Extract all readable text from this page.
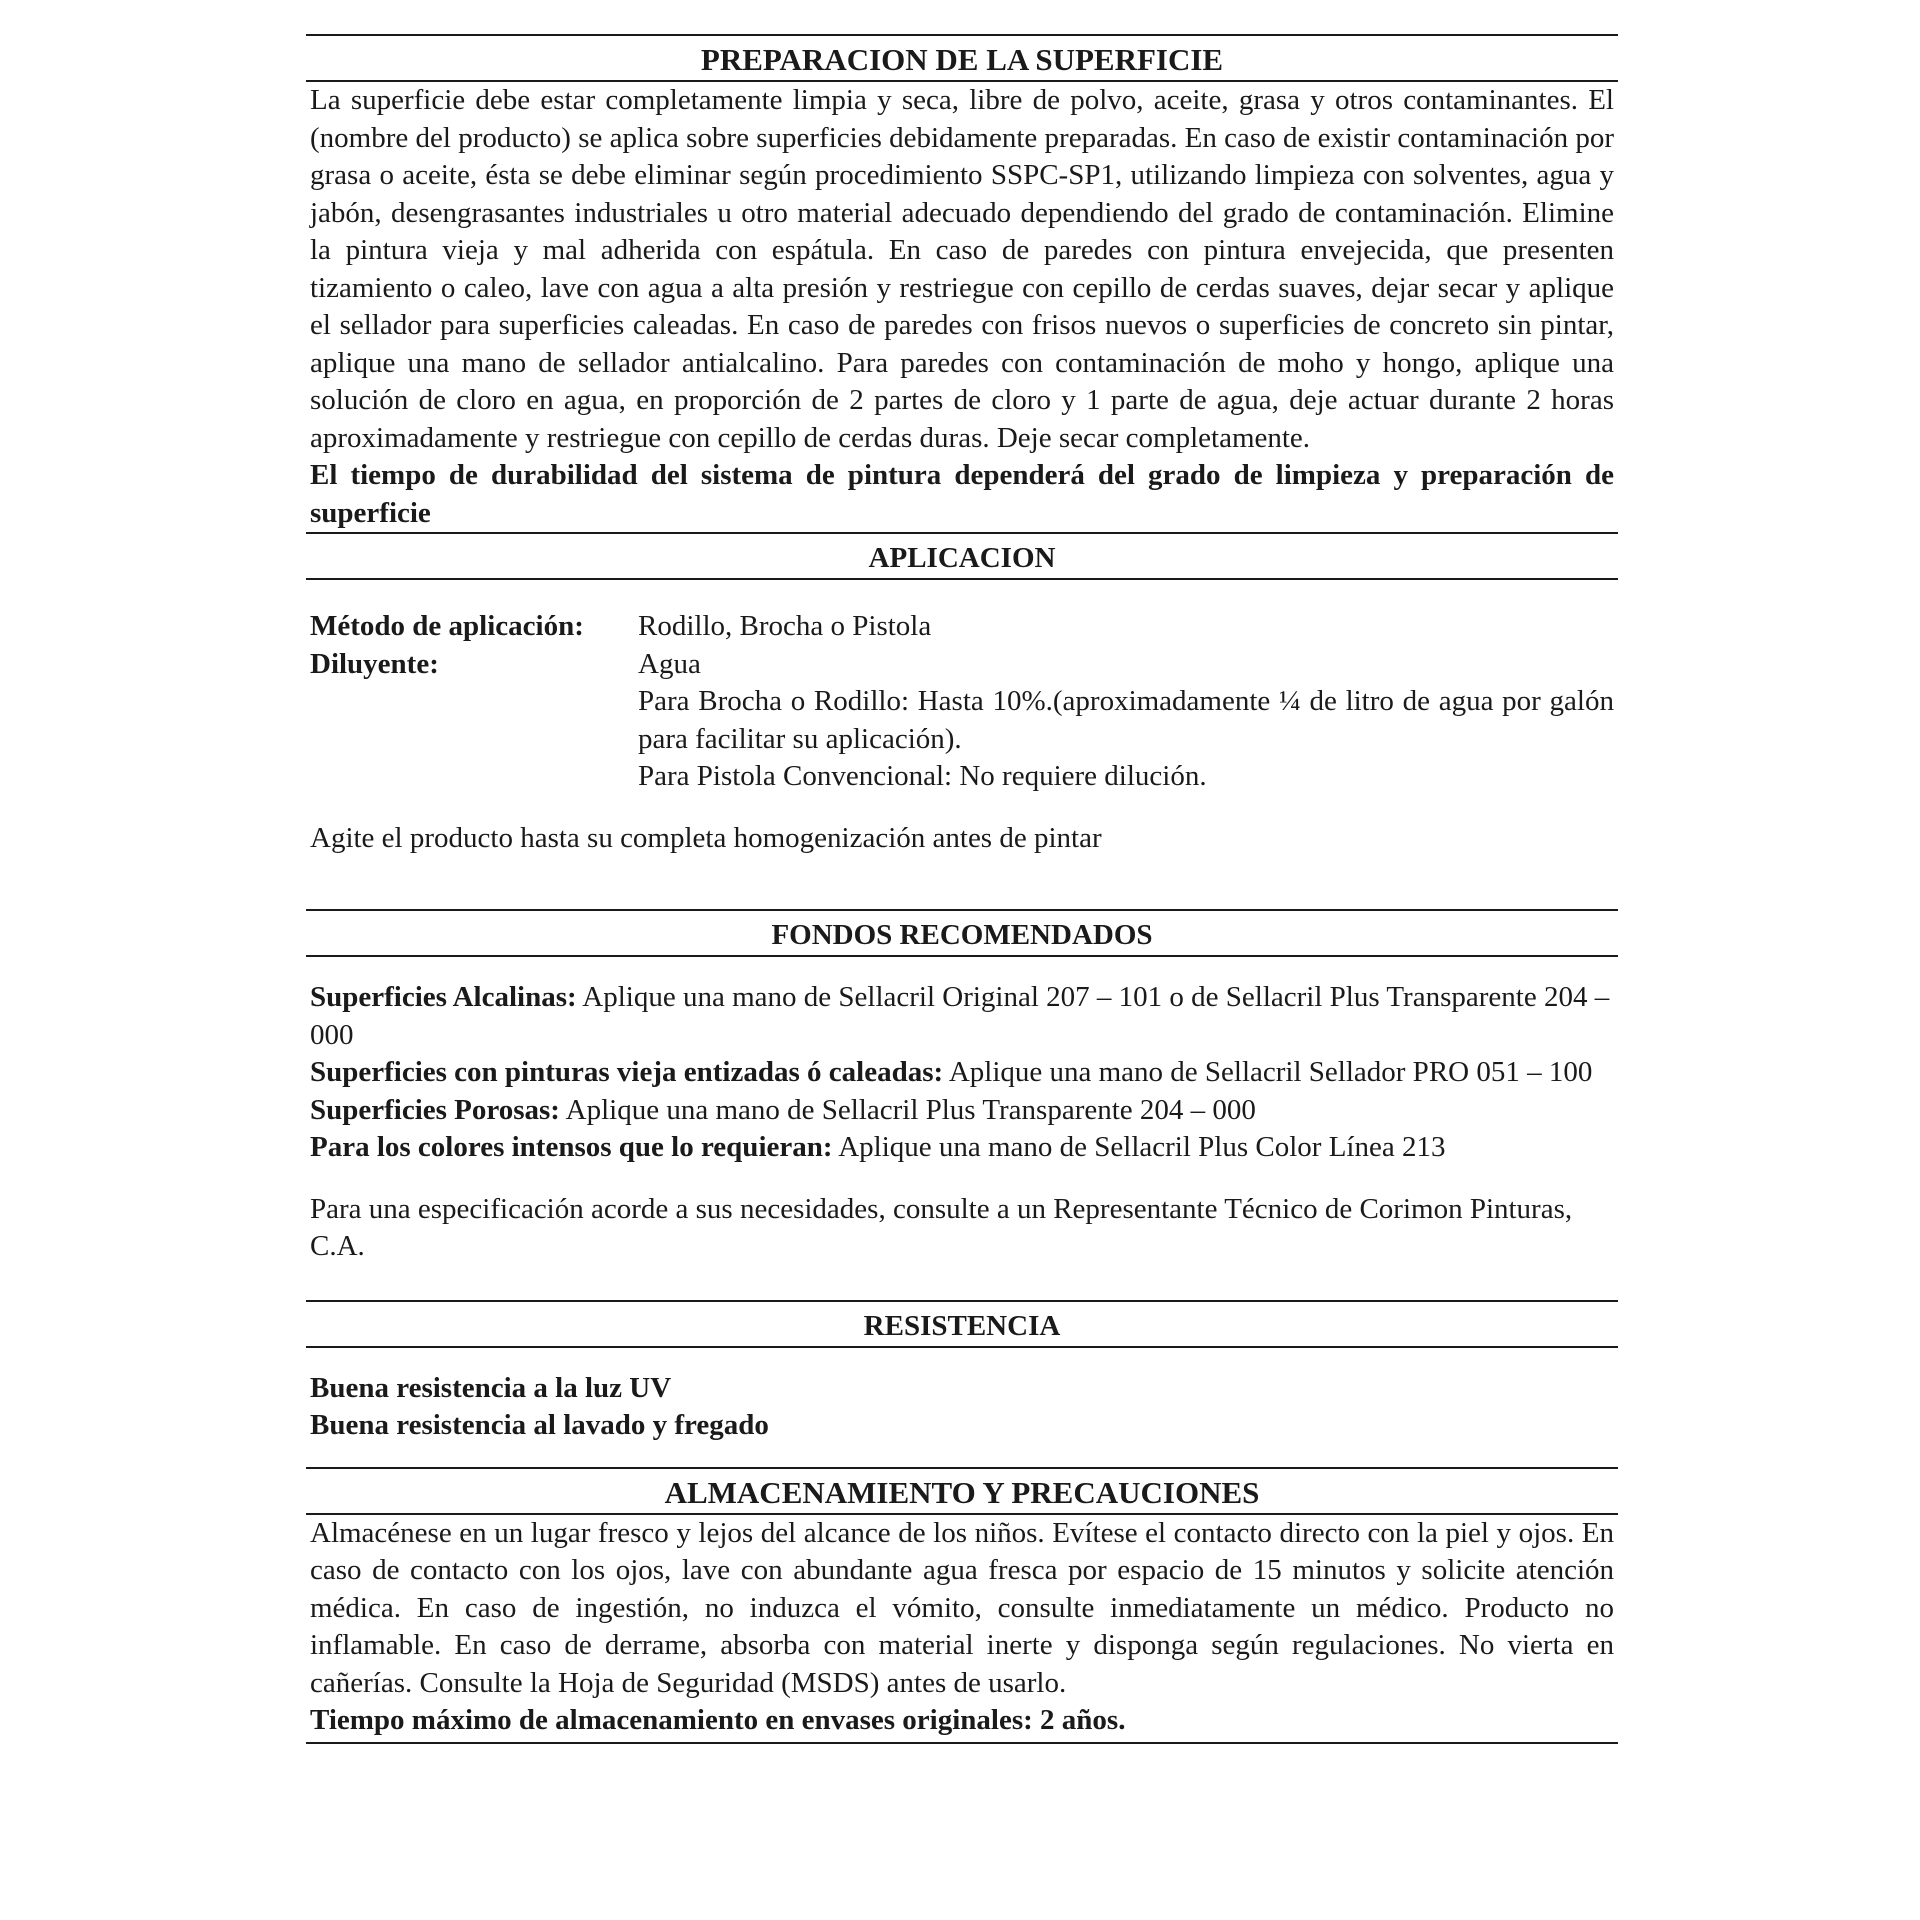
PREPARACION DE LA SUPERFICIE

La superficie debe estar completamente limpia y seca, libre de polvo, aceite, grasa y otros contaminantes. El (nombre del producto) se aplica sobre superficies debidamente preparadas. En caso de existir contaminación por grasa o aceite, ésta se debe eliminar según procedimiento SSPC-SP1, utilizando limpieza con solventes, agua y jabón, desengrasantes industriales u otro material adecuado dependiendo del grado de contaminación. Elimine la pintura vieja y mal adherida con espátula. En caso de paredes con pintura envejecida, que presenten tizamiento o caleo, lave con agua a alta presión y restriegue con cepillo de cerdas suaves, dejar secar y aplique el sellador para superficies caleadas. En caso de paredes con frisos nuevos o superficies de concreto sin pintar, aplique una mano de sellador antialcalino. Para paredes con contaminación de moho y hongo, aplique una solución de cloro en agua, en proporción de 2 partes de cloro y 1 parte de agua, deje actuar durante 2 horas aproximadamente y restriegue con cepillo de cerdas duras. Deje secar completamente.

El tiempo de durabilidad del sistema de pintura dependerá del grado de limpieza y preparación de superficie

APLICACION
Método de aplicación:	Rodillo, Brocha o Pistola
Diluyente:	Agua
Para Brocha o Rodillo: Hasta 10%.(aproximadamente ¼ de litro de agua por galón para facilitar su aplicación).
Para Pistola Convencional: No requiere dilución.

Agite el producto hasta su completa homogenización antes de pintar

FONDOS RECOMENDADOS

Superficies Alcalinas: Aplique una mano de Sellacril Original 207 – 101 o de Sellacril Plus Transparente 204 – 000

Superficies con pinturas vieja entizadas ó caleadas: Aplique una mano de Sellacril Sellador PRO 051 – 100

Superficies Porosas: Aplique una mano de Sellacril Plus Transparente 204 – 000

Para los colores intensos que lo requieran: Aplique una mano de Sellacril Plus Color Línea 213

Para una especificación acorde a sus necesidades, consulte a un Representante Técnico de Corimon Pinturas, C.A.

RESISTENCIA

Buena resistencia a la luz UV

Buena resistencia al lavado y fregado

ALMACENAMIENTO Y PRECAUCIONES

Almacénese en un lugar fresco y lejos del alcance de los niños. Evítese el contacto directo con la piel y ojos. En caso de contacto con los ojos, lave con abundante agua fresca por espacio de 15 minutos y solicite atención médica. En caso de ingestión, no induzca el vómito, consulte inmediatamente un médico. Producto no inflamable. En caso de derrame, absorba con material inerte y disponga según regulaciones. No vierta en cañerías. Consulte la Hoja de Seguridad (MSDS) antes de usarlo.

Tiempo máximo de almacenamiento en envases originales: 2 años.
